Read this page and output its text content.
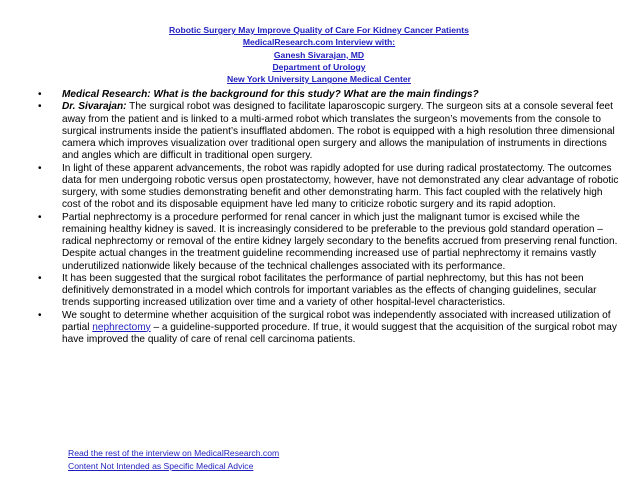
Robotic Surgery May Improve Quality of Care For Kidney Cancer Patients
MedicalResearch.com Interview with:
Ganesh Sivarajan, MD
Department of Urology
New York University Langone Medical Center
• Medical Research: What is the background for this study? What are the main findings?
• Dr. Sivarajan: The surgical robot was designed to facilitate laparoscopic surgery. The surgeon sits at a console several feet away from the patient and is linked to a multi-armed robot which translates the surgeon’s movements from the console to surgical instruments inside the patient’s insufflated abdomen. The robot is equipped with a high resolution three dimensional camera which improves visualization over traditional open surgery and allows the manipulation of instruments in directions and angles which are difficult in traditional open surgery.
• In light of these apparent advancements, the robot was rapidly adopted for use during radical prostatectomy. The outcomes data for men undergoing robotic versus open prostatectomy, however, have not demonstrated any clear advantage of robotic surgery, with some studies demonstrating benefit and other demonstrating harm. This fact coupled with the relatively high cost of the robot and its disposable equipment have led many to criticize robotic surgery and its rapid adoption.
• Partial nephrectomy is a procedure performed for renal cancer in which just the malignant tumor is excised while the remaining healthy kidney is saved. It is increasingly considered to be preferable to the previous gold standard operation – radical nephrectomy or removal of the entire kidney largely secondary to the benefits accrued from preserving renal function. Despite actual changes in the treatment guideline recommending increased use of partial nephrectomy it remains vastly underutilized nationwide likely because of the technical challenges associated with its performance.
• It has been suggested that the surgical robot facilitates the performance of partial nephrectomy, but this has not been definitively demonstrated in a model which controls for important variables as the effects of changing guidelines, secular trends supporting increased utilization over time and a variety of other hospital-level characteristics.
• We sought to determine whether acquisition of the surgical robot was independently associated with increased utilization of partial nephrectomy – a guideline-supported procedure. If true, it would suggest that the acquisition of the surgical robot may have improved the quality of care of renal cell carcinoma patients.
Read the rest of the interview on MedicalResearch.com
Content Not Intended as Specific Medical Advice
